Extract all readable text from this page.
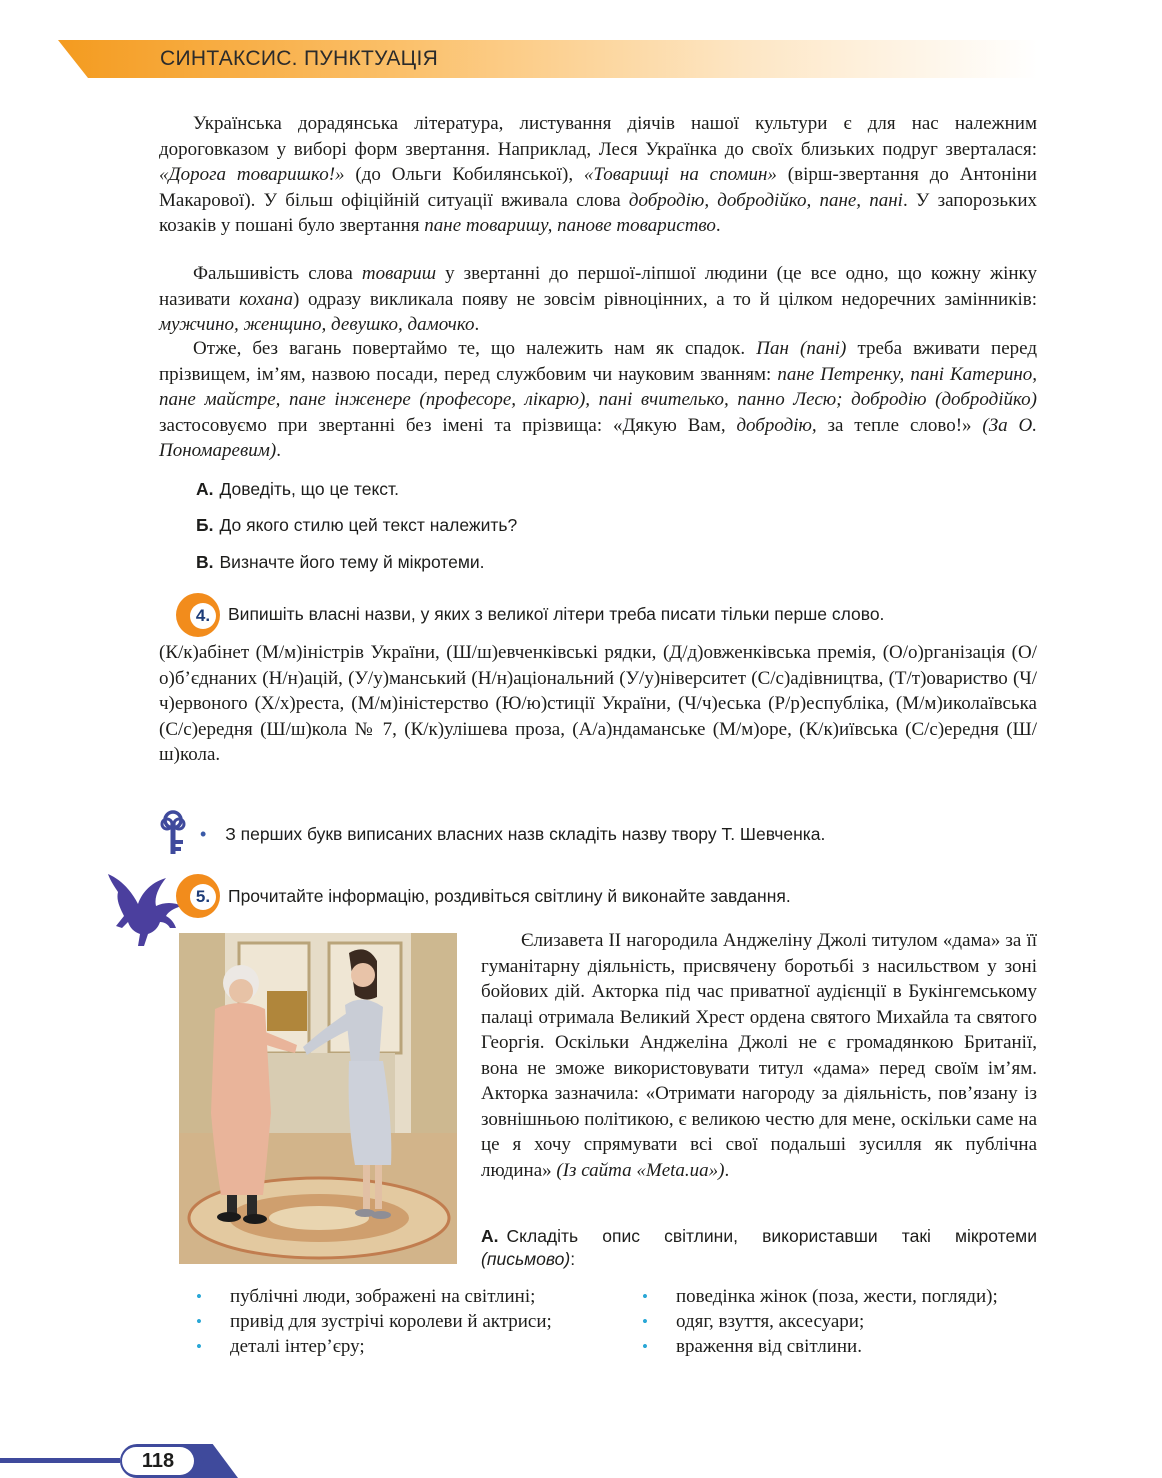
СИНТАКСИС. ПУНКТУАЦІЯ

Українська дорадянська література, листування діячів нашої культури є для нас належним дороговказом у виборі форм звертання. Наприклад, Леся Українка до своїх близьких подруг зверталася: «Дорога товаришко!» (до Ольги Кобилянської), «Товарищі на спомин» (вірш-звертання до Антоніни Макарової). У більш офіційній ситуації вживала слова добродію, добродійко, пане, пані. У запорозьких козаків у пошані було звертання пане товаришу, панове товариство.

Фальшивість слова товариш у звертанні до першої-ліпшої людини (це все одно, що кожну жінку називати кохана) одразу викликала появу не зовсім рівноцінних, а то й цілком недоречних замінників: мужчино, женщино, девушко, дамочко.

Отже, без вагань повертаймо те, що належить нам як спадок. Пан (пані) треба вживати перед прізвищем, ім’ям, назвою посади, перед службовим чи науковим званням: пане Петренку, пані Катерино, пане майстре, пане інженере (професоре, лікарю), пані вчителько, панно Лесю; добродію (добродійко) застосовуємо при звертанні без імені та прізвища: «Дякую Вам, добродію, за тепле слово!» (За О. Пономаревим).

А. Доведіть, що це текст.
Б. До якого стилю цей текст належить?
В. Визначте його тему й мікротеми.
4.	Випишіть власні назви, у яких з великої літери треба писати тільки перше слово.

(К/к)абінет (М/м)іністрів України, (Ш/ш)евченківські рядки, (Д/д)овженківська премія, (О/о)рганізація (О/о)б’єднаних (Н/н)ацій, (У/у)манський (Н/н)аціональний (У/у)ніверситет (С/с)адівництва, (Т/т)овариство (Ч/ч)ервоного (Х/х)реста, (М/м)іністерство (Ю/ю)стиції України, (Ч/ч)еська (Р/р)еспубліка, (М/м)иколаївська (С/с)ередня (Ш/ш)кола № 7, (К/к)улішева проза, (А/а)ндаманське (М/м)оре, (К/к)иївська (С/с)ередня (Ш/ш)кола.

• З перших букв виписаних власних назв складіть назву твору Т. Шевченка.
5.	Прочитайте інформацію, роздивіться світлину й виконайте завдання.

Єлизавета II нагородила Анджеліну Джолі титулом «дама» за її гуманітарну діяльність, присвячену боротьбі з насильством у зоні бойових дій. Акторка під час приватної аудієнції в Букінгемському палаці отримала Великий Хрест ордена святого Михайла та святого Георгія. Оскільки Анджеліна Джолі не є громадянкою Британії, вона не зможе використовувати титул «дама» перед своїм ім’ям. Акторка зазначила: «Отримати нагороду за діяльність, пов’язану із зовнішньою політикою, є великою честю для мене, оскільки саме на це я хочу спрямувати всі свої подальші зусилля як публічна людина» (Із сайта «Meta.ua»).

А. Складіть опис світлини, використавши такі мікротеми (письмово):

• публічні люди, зображені на світлині;
• привід для зустрічі королеви й актриси;
• деталі інтер’єру;
• поведінка жінок (поза, жести, погляди);
• одяг, взуття, аксесуари;
• враження від світлини.
118
